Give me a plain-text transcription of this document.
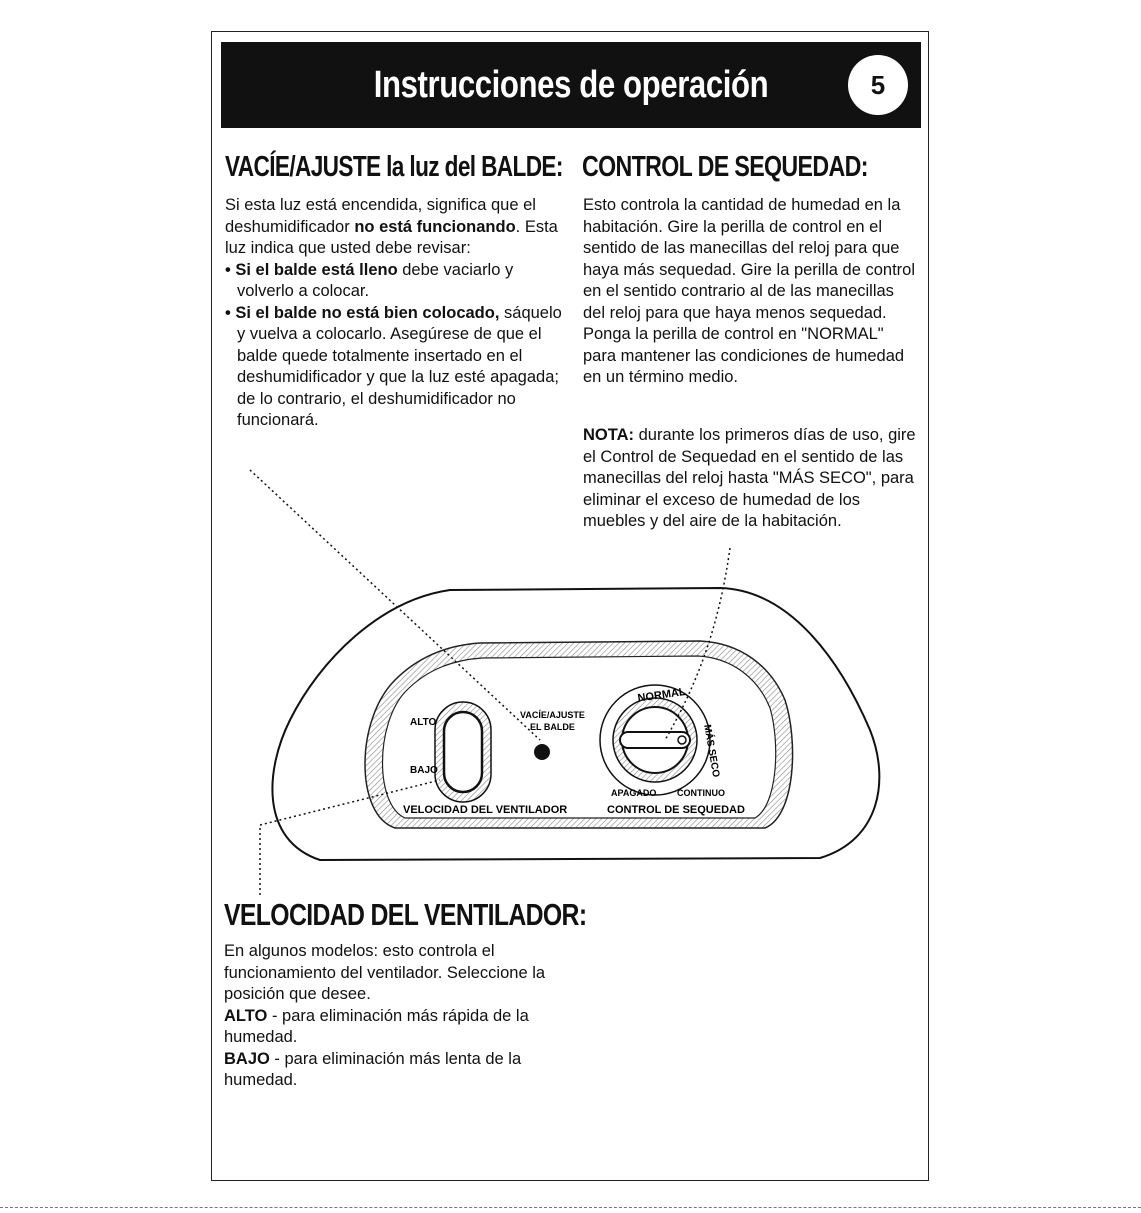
Instrucciones de operación	5
VACÍE/AJUSTE la luz del BALDE:

Si esta luz está encendida, significa que el deshumidificador no está funcionando. Esta luz indica que usted debe revisar:
• Si el balde está lleno debe vaciarlo y volverlo a colocar.
• Si el balde no está bien colocado, sáquelo y vuelva a colocarlo. Asegúrese de que el balde quede totalmente insertado en el deshumidificador y que la luz esté apagada; de lo contrario, el deshumidificador no funcionará.

CONTROL DE SEQUEDAD:

Esto controla la cantidad de humedad en la habitación. Gire la perilla de control en el sentido de las manecillas del reloj para que haya más sequedad. Gire la perilla de control en el sentido contrario al de las manecillas del reloj para que haya menos sequedad. Ponga la perilla de control en "NORMAL" para mantener las condiciones de humedad en un término medio.

NOTA: durante los primeros días de uso, gire el Control de Sequedad en el sentido de las manecillas del reloj hasta "MÁS SECO", para eliminar el exceso de humedad de los muebles y del aire de la habitación.

ALTO
BAJO
VELOCIDAD DEL VENTILADOR
VACÍE/AJUSTE
EL BALDE
NORMAL
MÁS SECO
APAGADO CONTINUO
CONTROL DE SEQUEDAD
VELOCIDAD DEL VENTILADOR:

En algunos modelos: esto controla el funcionamiento del ventilador. Seleccione la posición que desee.
ALTO - para eliminación más rápida de la humedad.
BAJO - para eliminación más lenta de la humedad.
